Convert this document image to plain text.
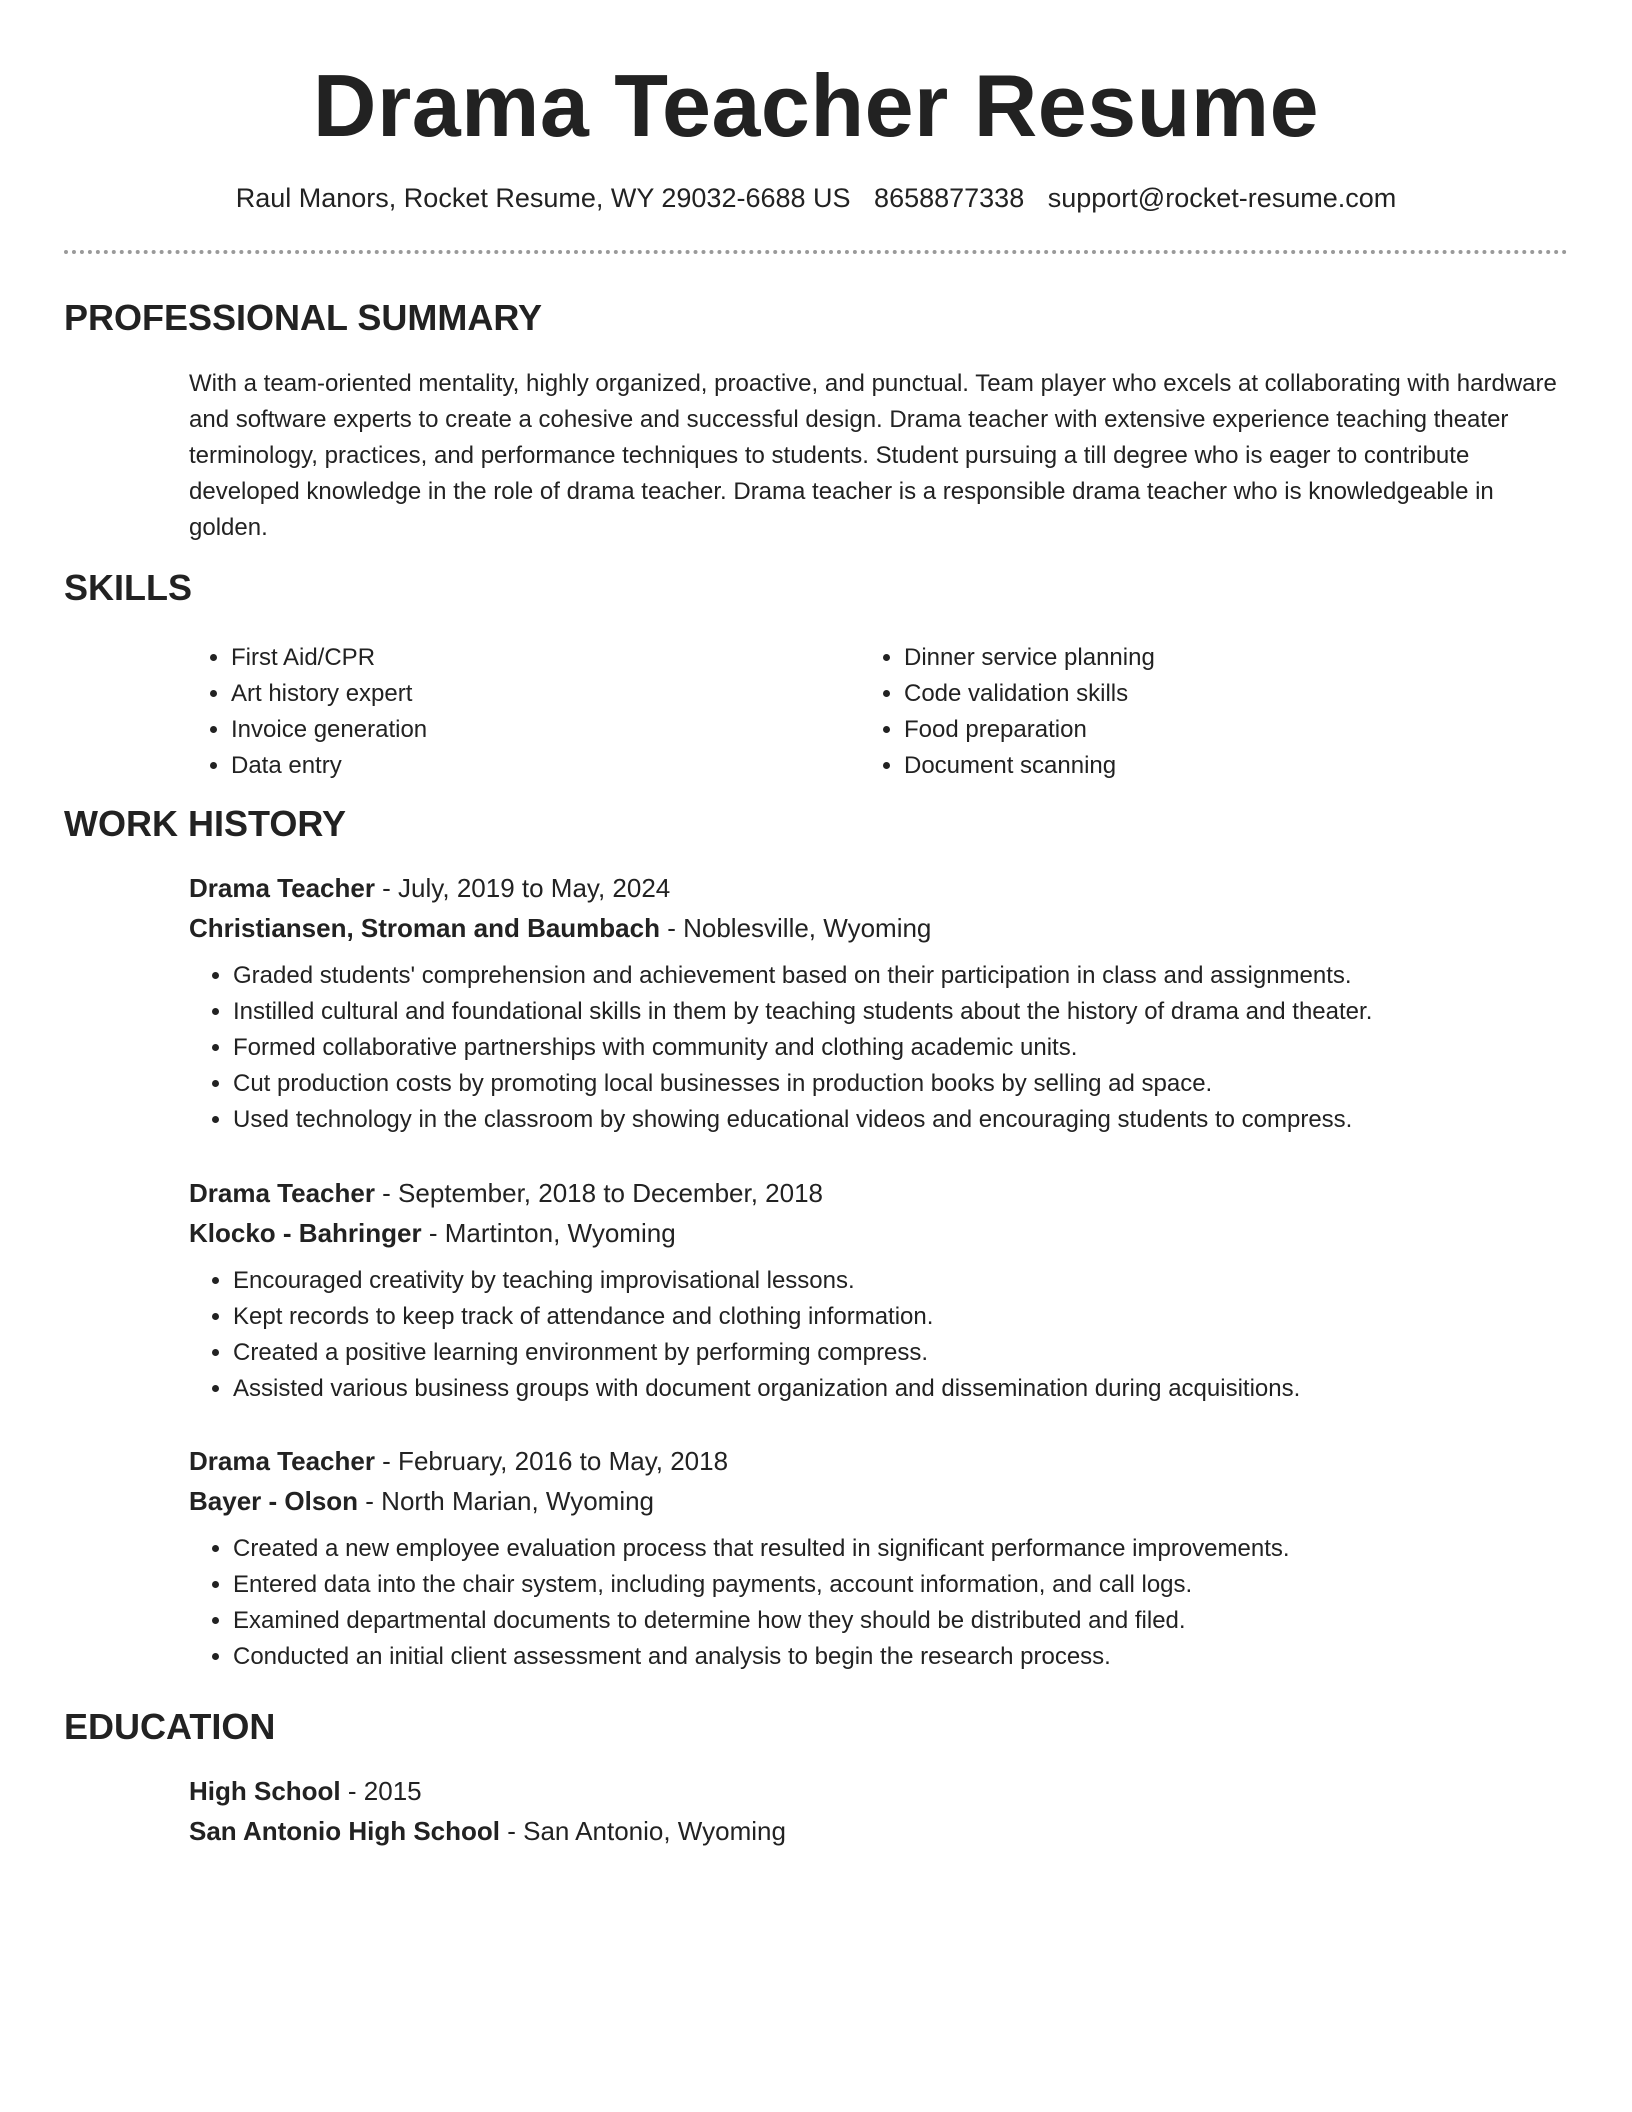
Drama Teacher Resume
Raul Manors, Rocket Resume, WY 29032-6688 US 8658877338 support@rocket-resume.com
PROFESSIONAL SUMMARY

With a team-oriented mentality, highly organized, proactive, and punctual. Team player who excels at collaborating with hardware and software experts to create a cohesive and successful design. Drama teacher with extensive experience teaching theater terminology, practices, and performance techniques to students. Student pursuing a till degree who is eager to contribute developed knowledge in the role of drama teacher. Drama teacher is a responsible drama teacher who is knowledgeable in golden.

SKILLS
• First Aid/CPR
• Art history expert
• Invoice generation
• Data entry
• Dinner service planning
• Code validation skills
• Food preparation
• Document scanning
WORK HISTORY

Drama Teacher - July, 2019 to May, 2024

Christiansen, Stroman and Baumbach - Noblesville, Wyoming

• Graded students' comprehension and achievement based on their participation in class and assignments.
• Instilled cultural and foundational skills in them by teaching students about the history of drama and theater.
• Formed collaborative partnerships with community and clothing academic units.
• Cut production costs by promoting local businesses in production books by selling ad space.
• Used technology in the classroom by showing educational videos and encouraging students to compress.

Drama Teacher - September, 2018 to December, 2018

Klocko - Bahringer - Martinton, Wyoming

• Encouraged creativity by teaching improvisational lessons.
• Kept records to keep track of attendance and clothing information.
• Created a positive learning environment by performing compress.
• Assisted various business groups with document organization and dissemination during acquisitions.

Drama Teacher - February, 2016 to May, 2018

Bayer - Olson - North Marian, Wyoming

• Created a new employee evaluation process that resulted in significant performance improvements.
• Entered data into the chair system, including payments, account information, and call logs.
• Examined departmental documents to determine how they should be distributed and filed.
• Conducted an initial client assessment and analysis to begin the research process.
EDUCATION

High School - 2015

San Antonio High School - San Antonio, Wyoming
